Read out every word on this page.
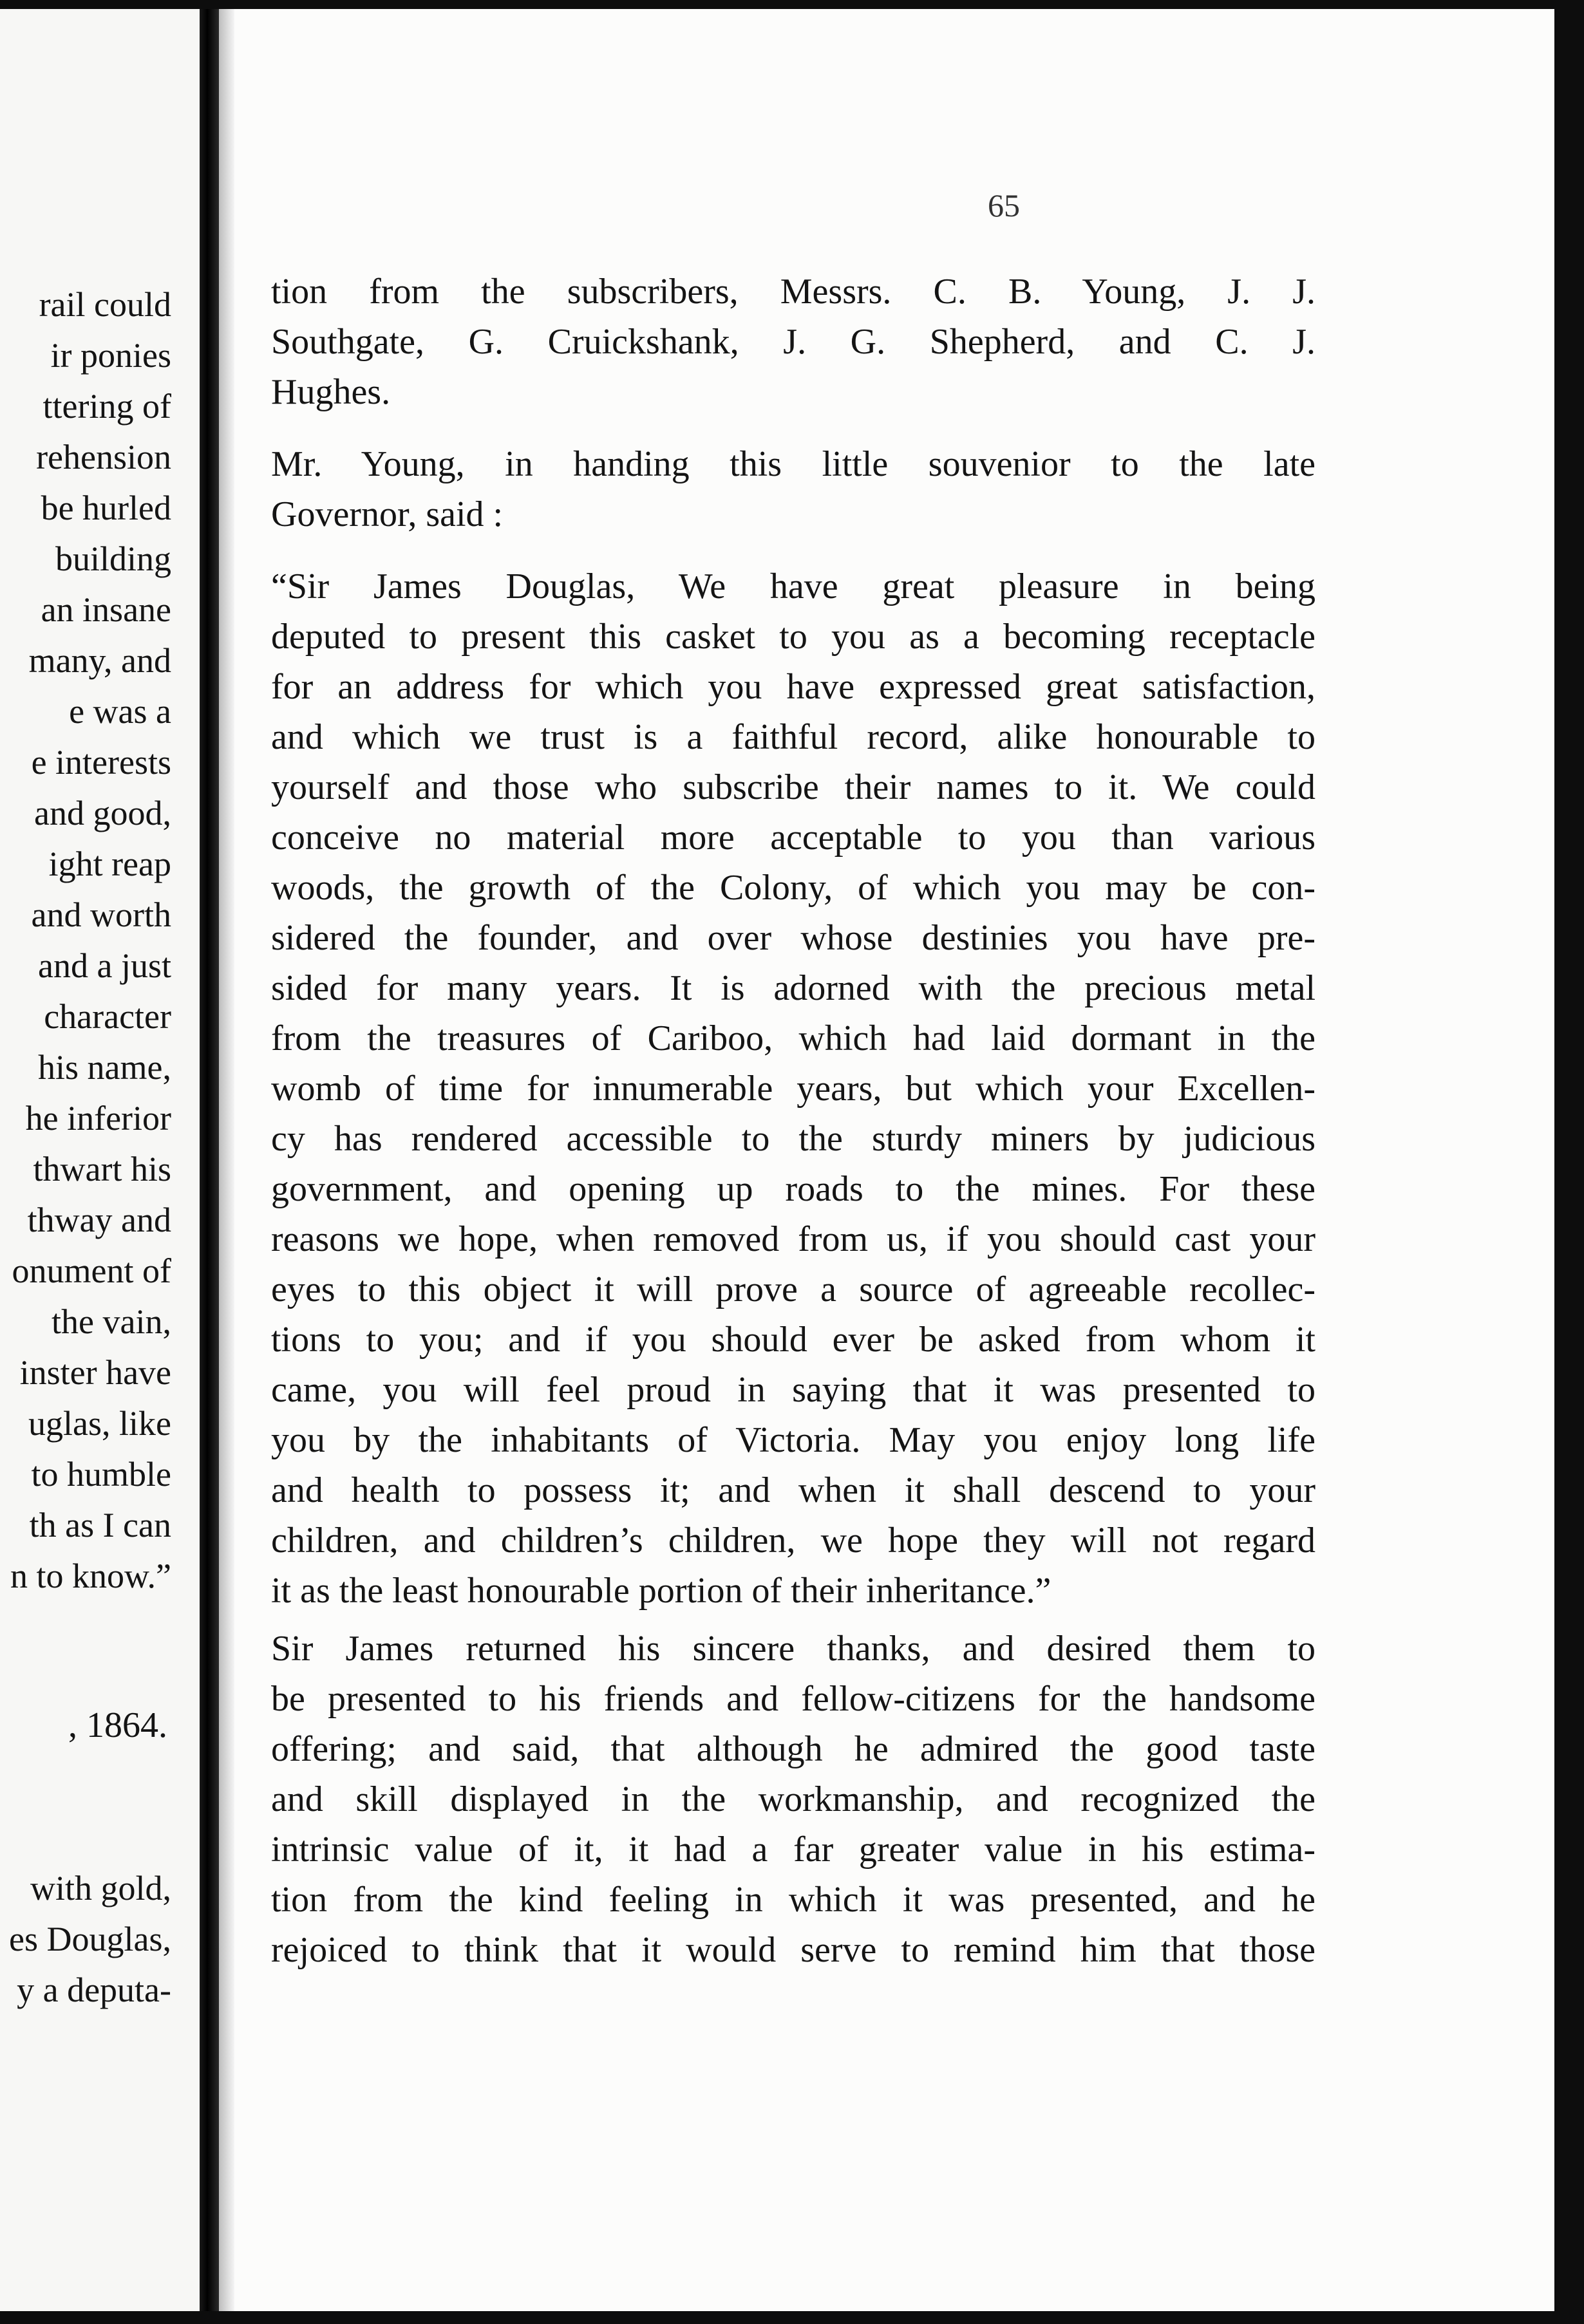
rail could
ir ponies
ttering of
rehension
be hurled
building
an insane
many, and
e was a
e interests
and good,
ight reap
and worth
and a just
character
his name,
he inferior
thwart his
thway and
onument of
the vain,
inster have
uglas, like
to humble
th as I can
n to know.”
, 1864.
with gold,
es Douglas,
y a deputa-
65
tion from the subscribers, Messrs. C. B. Young, J. J.
Southgate, G. Cruickshank, J. G. Shepherd, and C. J.
Hughes.
Mr. Young, in handing this little souvenior to the late
Governor, said :
“Sir James Douglas, We have great pleasure in being
deputed to present this casket to you as a becoming receptacle
for an address for which you have expressed great satisfaction,
and which we trust is a faithful record, alike honourable to
yourself and those who subscribe their names to it. We could
conceive no material more acceptable to you than various
woods, the growth of the Colony, of which you may be con-
sidered the founder, and over whose destinies you have pre-
sided for many years. It is adorned with the precious metal
from the treasures of Cariboo, which had laid dormant in the
womb of time for innumerable years, but which your Excellen-
cy has rendered accessible to the sturdy miners by judicious
government, and opening up roads to the mines. For these
reasons we hope, when removed from us, if you should cast your
eyes to this object it will prove a source of agreeable recollec-
tions to you; and if you should ever be asked from whom it
came, you will feel proud in saying that it was presented to
you by the inhabitants of Victoria. May you enjoy long life
and health to possess it; and when it shall descend to your
children, and children’s children, we hope they will not regard
it as the least honourable portion of their inheritance.”
Sir James returned his sincere thanks, and desired them to
be presented to his friends and fellow-citizens for the handsome
offering; and said, that although he admired the good taste
and skill displayed in the workmanship, and recognized the
intrinsic value of it, it had a far greater value in his estima-
tion from the kind feeling in which it was presented, and he
rejoiced to think that it would serve to remind him that those
